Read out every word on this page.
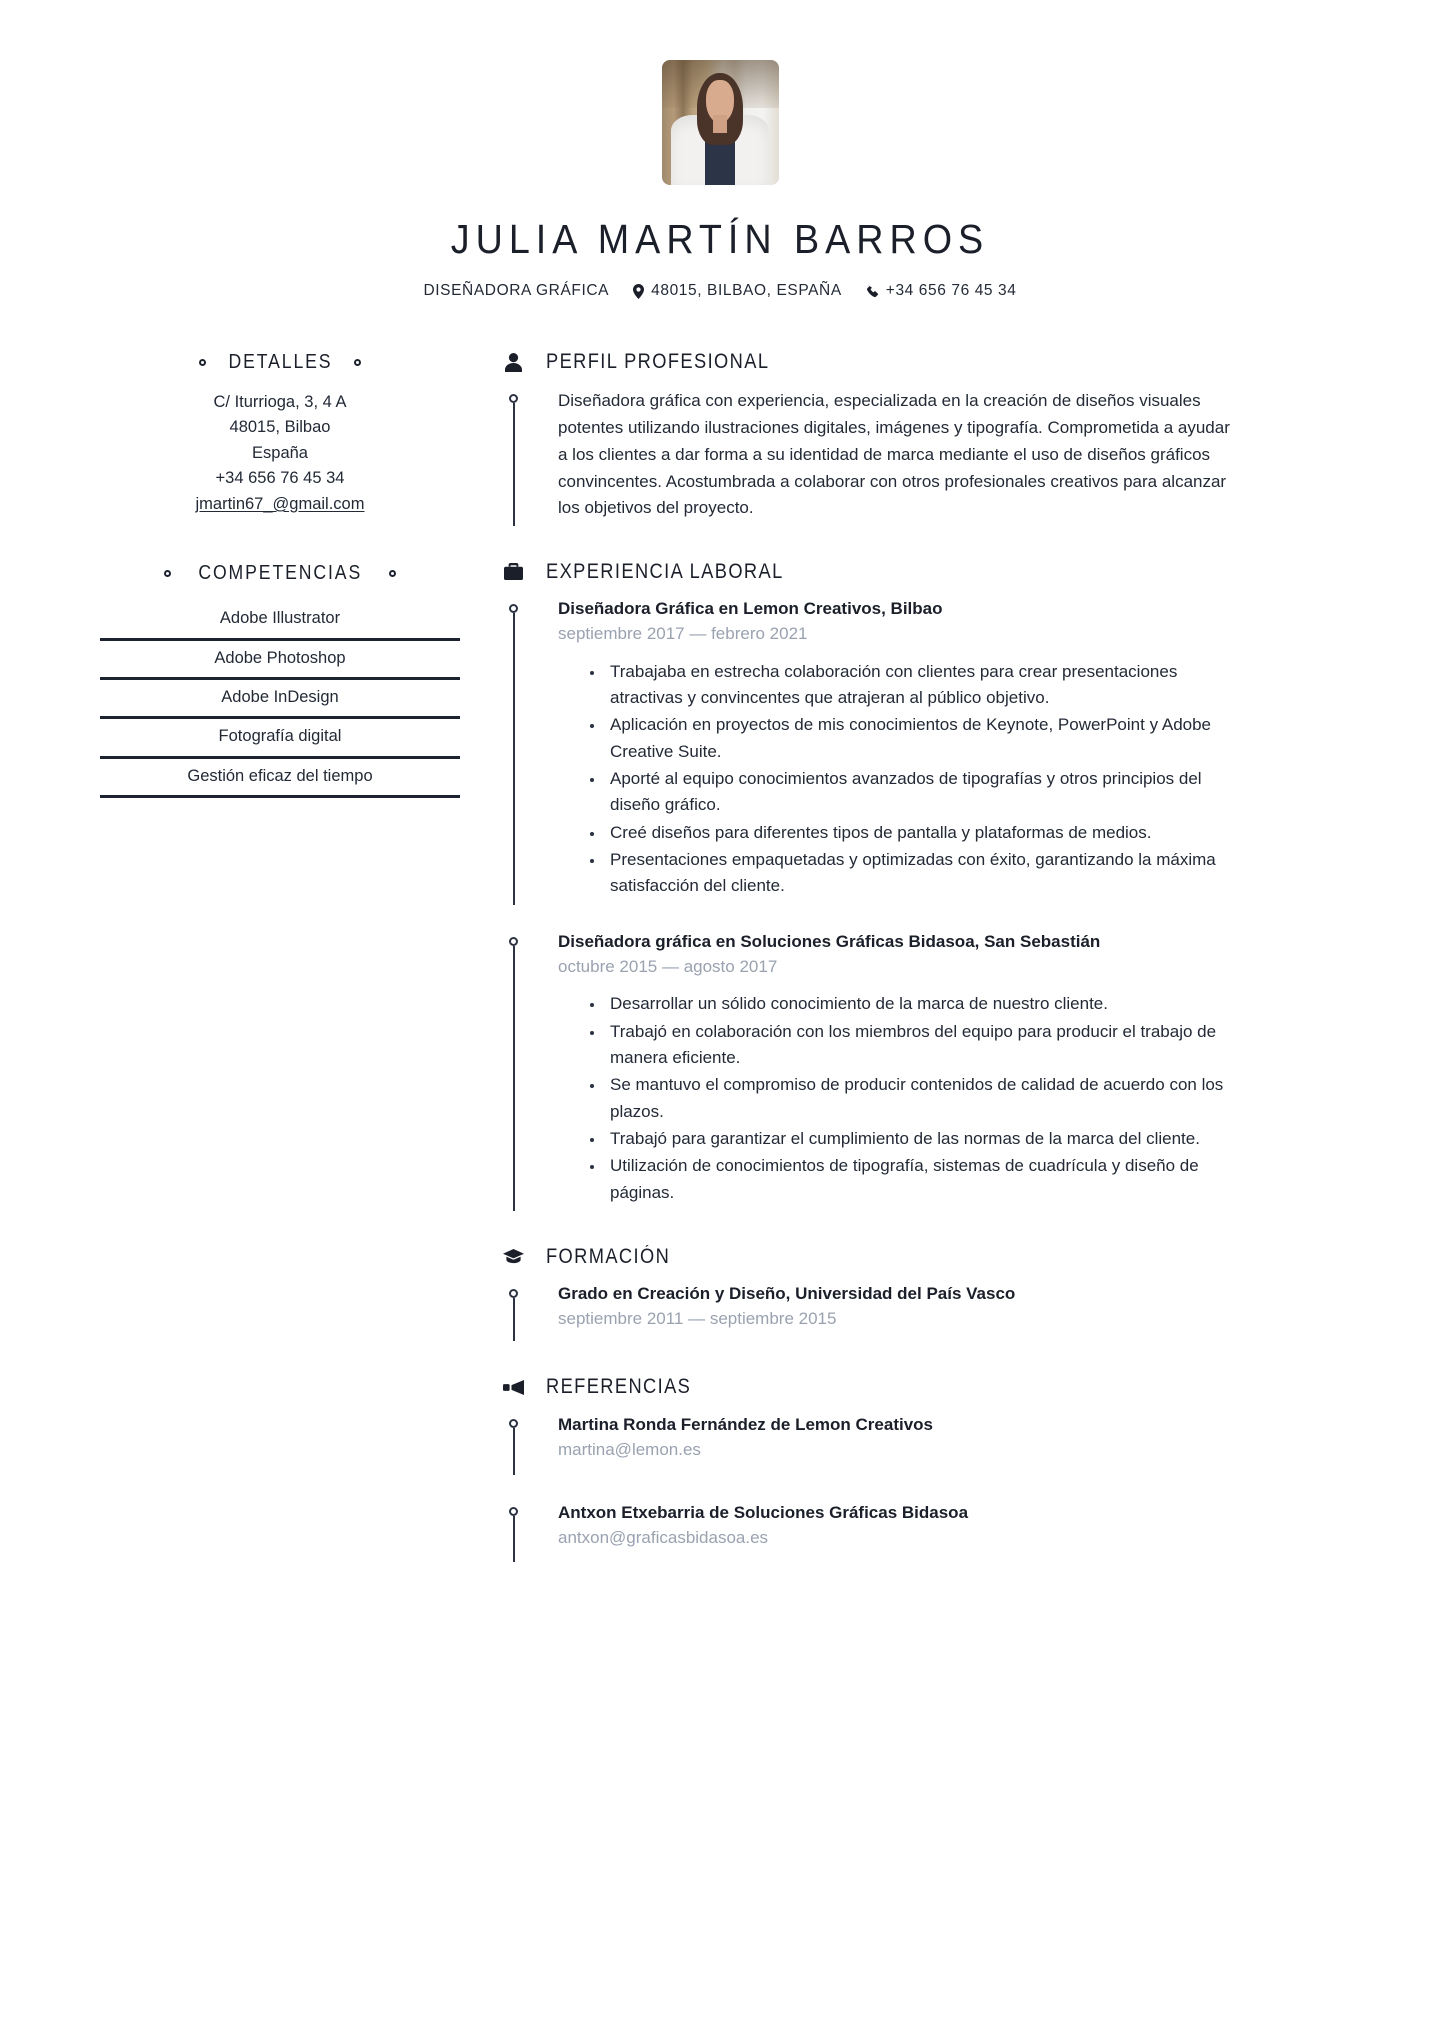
JULIA MARTÍN BARROS
DISEÑADORA GRÁFICA	48015, BILBAO, ESPAÑA	+34 656 76 45 34
DETALLES
C/ Iturrioga, 3, 4 A
48015, Bilbao
España
+34 656 76 45 34
jmartin67_@gmail.com
COMPETENCIAS
Adobe Illustrator
Adobe Photoshop
Adobe InDesign
Fotografía digital
Gestión eficaz del tiempo
PERFIL PROFESIONAL

Diseñadora gráfica con experiencia, especializada en la creación de diseños visuales potentes utilizando ilustraciones digitales, imágenes y tipografía. Comprometida a ayudar a los clientes a dar forma a su identidad de marca mediante el uso de diseños gráficos convincentes. Acostumbrada a colaborar con otros profesionales creativos para alcanzar los objetivos del proyecto.

EXPERIENCIA LABORAL
Diseñadora Gráfica en Lemon Creativos, Bilbao
septiembre 2017 — febrero 2021
Trabajaba en estrecha colaboración con clientes para crear presentaciones atractivas y convincentes que atrajeran al público objetivo.
Aplicación en proyectos de mis conocimientos de Keynote, PowerPoint y Adobe Creative Suite.
Aporté al equipo conocimientos avanzados de tipografías y otros principios del diseño gráfico.
Creé diseños para diferentes tipos de pantalla y plataformas de medios.
Presentaciones empaquetadas y optimizadas con éxito, garantizando la máxima satisfacción del cliente.
Diseñadora gráfica en Soluciones Gráficas Bidasoa, San Sebastián
octubre 2015 — agosto 2017
Desarrollar un sólido conocimiento de la marca de nuestro cliente.
Trabajó en colaboración con los miembros del equipo para producir el trabajo de manera eficiente.
Se mantuvo el compromiso de producir contenidos de calidad de acuerdo con los plazos.
Trabajó para garantizar el cumplimiento de las normas de la marca del cliente.
Utilización de conocimientos de tipografía, sistemas de cuadrícula y diseño de páginas.
FORMACIÓN
Grado en Creación y Diseño, Universidad del País Vasco
septiembre 2011 — septiembre 2015
REFERENCIAS
Martina Ronda Fernández de Lemon Creativos
martina@lemon.es
Antxon Etxebarria de Soluciones Gráficas Bidasoa
antxon@graficasbidasoa.es
